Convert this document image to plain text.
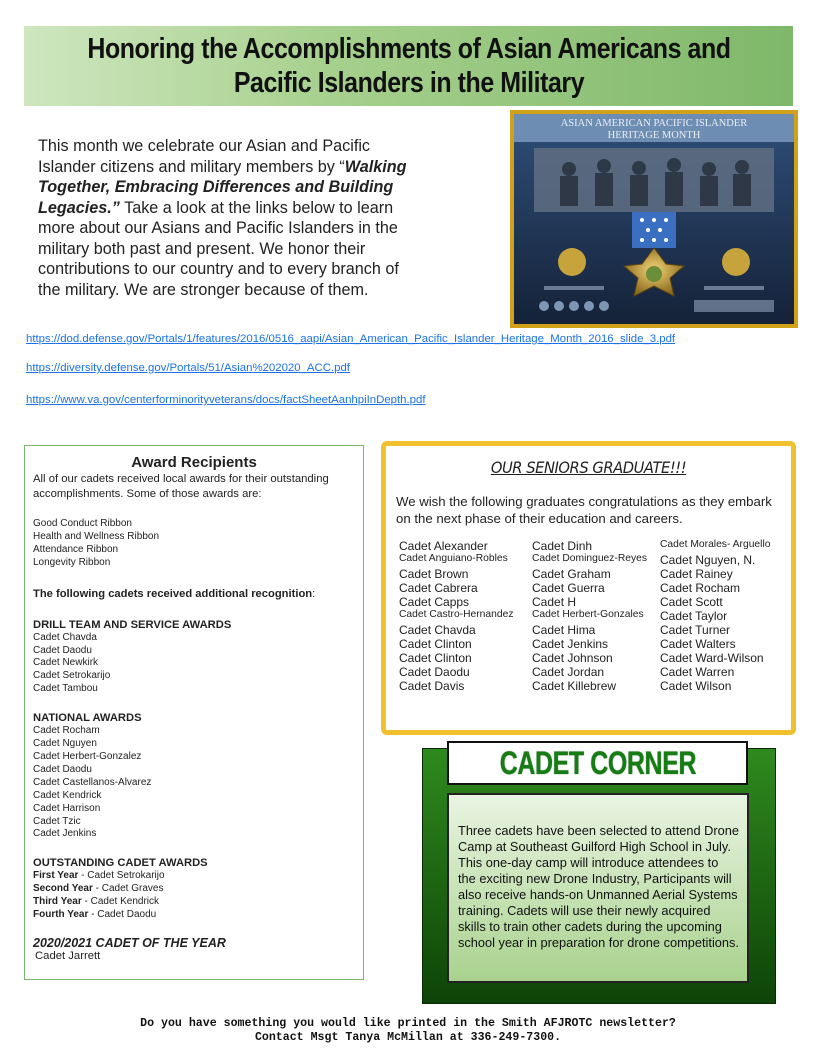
Honoring the Accomplishments of Asian Americans and
Pacific Islanders in the Military
This month we celebrate our Asian and Pacific Islander citizens and military members by “Walking Together, Embracing Differences and Building Legacies.” Take a look at the links below to learn more about our Asians and Pacific Islanders in the military both past and present. We honor their contributions to our country and to every branch of the military. We are stronger because of them.
ASIAN AMERICAN PACIFIC ISLANDER
HERITAGE MONTH
https://dod.defense.gov/Portals/1/features/2016/0516_aapi/Asian_American_Pacific_Islander_Heritage_Month_2016_slide_3.pdf
https://diversity.defense.gov/Portals/51/Asian%202020_ACC.pdf
https://www.va.gov/centerforminorityveterans/docs/factSheetAanhpiInDepth.pdf
Award Recipients
All of our cadets received local awards for their outstanding accomplishments. Some of those awards are:
Good Conduct Ribbon
Health and Wellness Ribbon
Attendance Ribbon
Longevity Ribbon
The following cadets received additional recognition:
DRILL TEAM AND SERVICE AWARDS
Cadet Chavda
Cadet Daodu
Cadet Newkirk
Cadet Setrokarijo
Cadet Tambou
NATIONAL AWARDS
Cadet Rocham
Cadet Nguyen
Cadet Herbert-Gonzalez
Cadet Daodu
Cadet Castellanos-Alvarez
Cadet Kendrick
Cadet Harrison
Cadet Tzic
Cadet Jenkins
OUTSTANDING CADET AWARDS
First Year - Cadet Setrokarijo
Second Year - Cadet Graves
Third Year - Cadet Kendrick
Fourth Year - Cadet Daodu
2020/2021 CADET OF THE YEAR
Cadet Jarrett
OUR SENIORS GRADUATE!!!
We wish the following graduates congratulations as they embark on the next phase of their education and careers.
Cadet Alexander	Cadet Dinh	Cadet Morales- Arguello
Cadet Anguiano-Robles Cadet Dominguez-Reyes Cadet Nguyen, N.
Cadet Brown	Cadet Graham	Cadet Rainey
Cadet Cabrera	Cadet Guerra	Cadet Rocham
Cadet Capps	Cadet H	Cadet Scott
Cadet Castro-Hernandez Cadet Herbert-Gonzales Cadet Taylor
Cadet Chavda	Cadet Hima	Cadet Turner
Cadet Clinton	Cadet Jenkins	Cadet Walters
Cadet Clinton	Cadet Johnson	Cadet Ward-Wilson
Cadet Daodu	Cadet Jordan	Cadet Warren
Cadet Davis	Cadet Killebrew	Cadet Wilson
CADET CORNER
Three cadets have been selected to attend Drone Camp at Southeast Guilford High School in July. This one-day camp will introduce attendees to the exciting new Drone Industry, Participants will also receive hands-on Unmanned Aerial Systems training. Cadets will use their newly acquired skills to train other cadets during the upcoming school year in preparation for drone competitions.
Do you have something you would like printed in the Smith AFJROTC newsletter?
Contact Msgt Tanya McMillan at 336-249-7300.
